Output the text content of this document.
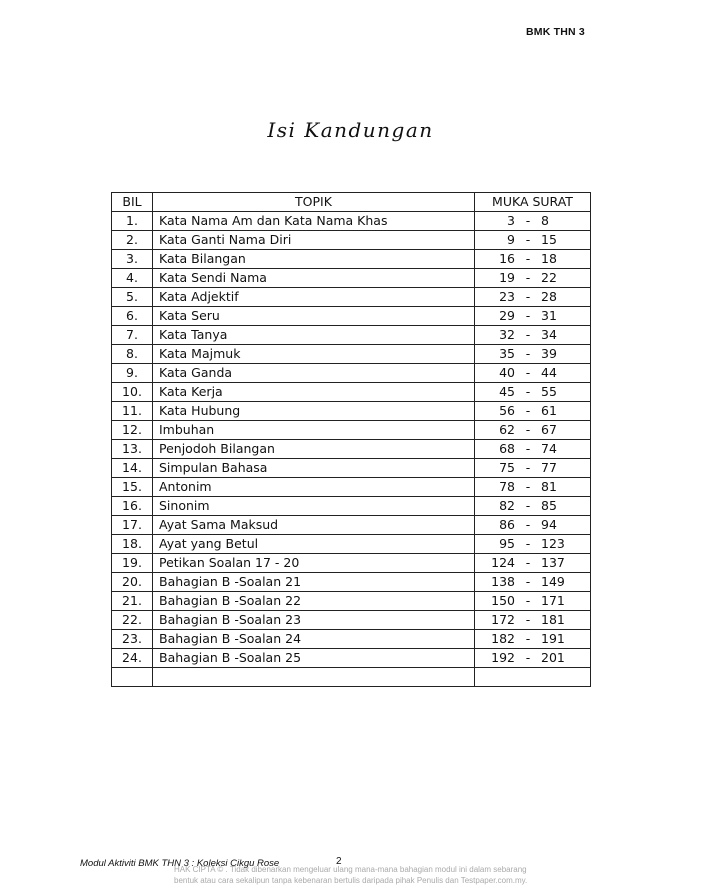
BMK THN 3
Isi Kandungan
BIL	TOPIK	MUKA SURAT
1.	Kata Nama Am dan Kata Nama Khas	3 - 8
2.	Kata Ganti Nama Diri	9 - 15
3.	Kata Bilangan	16 - 18
4.	Kata Sendi Nama	19 - 22
5.	Kata Adjektif	23 - 28
6.	Kata Seru	29 - 31
7.	Kata Tanya	32 - 34
8.	Kata Majmuk	35 - 39
9.	Kata Ganda	40 - 44
10.	Kata Kerja	45 - 55
11.	Kata Hubung	56 - 61
12.	Imbuhan	62 - 67
13.	Penjodoh Bilangan	68 - 74
14.	Simpulan Bahasa	75 - 77
15.	Antonim	78 - 81
16.	Sinonim	82 - 85
17.	Ayat Sama Maksud	86 - 94
18.	Ayat yang Betul	95 - 123
19.	Petikan Soalan 17 - 20	124 - 137
20.	Bahagian B -Soalan 21	138 - 149
21.	Bahagian B -Soalan 22	150 - 171
22.	Bahagian B -Soalan 23	172 - 181
23.	Bahagian B -Soalan 24	182 - 191
24.	Bahagian B -Soalan 25	192 - 201

Modul Aktiviti BMK THN 3 : Koleksi Cikgu Rose	2
HAK CIPTA © . Tidak dibenarkan mengeluar ulang mana-mana bahagian modul ini dalam sebarang bentuk atau cara sekalipun tanpa kebenaran bertulis daripada pihak Penulis dan Testpaper.com.my.
